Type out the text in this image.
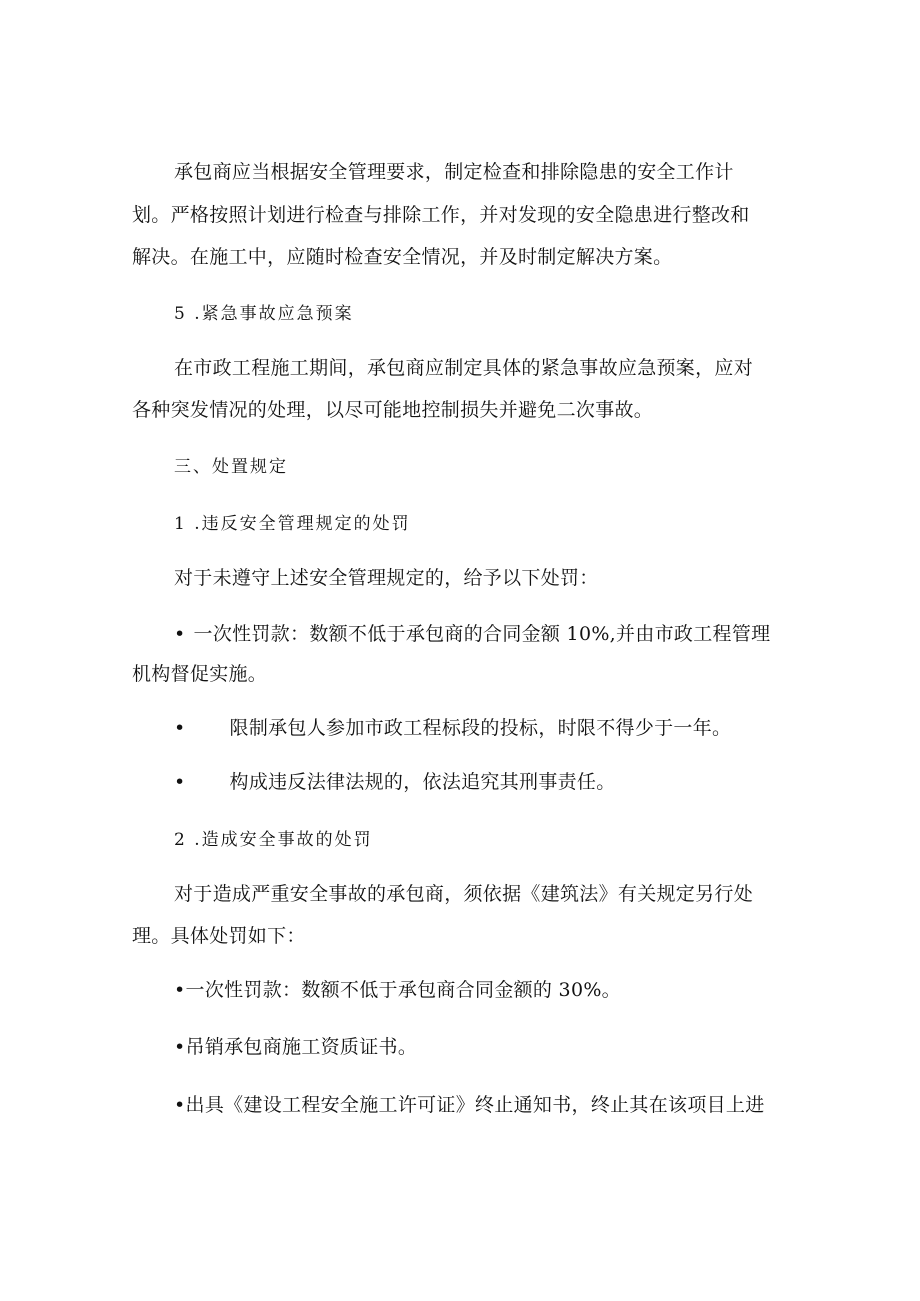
承包商应当根据安全管理要求，制定检查和排除隐患的安全工作计
划。严格按照计划进行检查与排除工作，并对发现的安全隐患进行整改和
解决。在施工中，应随时检查安全情况，并及时制定解决方案。
5 .紧急事故应急预案
在市政工程施工期间，承包商应制定具体的紧急事故应急预案，应对
各种突发情况的处理，以尽可能地控制损失并避免二次事故。
三、处置规定
1 .违反安全管理规定的处罚
对于未遵守上述安全管理规定的，给予以下处罚：
• 一次性罚款：数额不低于承包商的合同金额 10%,并由市政工程管理
机构督促实施。
• 限制承包人参加市政工程标段的投标，时限不得少于一年。
• 构成违反法律法规的，依法追究其刑事责任。
2 .造成安全事故的处罚
对于造成严重安全事故的承包商，须依据《建筑法》有关规定另行处
理。具体处罚如下：
•一次性罚款：数额不低于承包商合同金额的 30%。
•吊销承包商施工资质证书。
•出具《建设工程安全施工许可证》终止通知书，终止其在该项目上进
